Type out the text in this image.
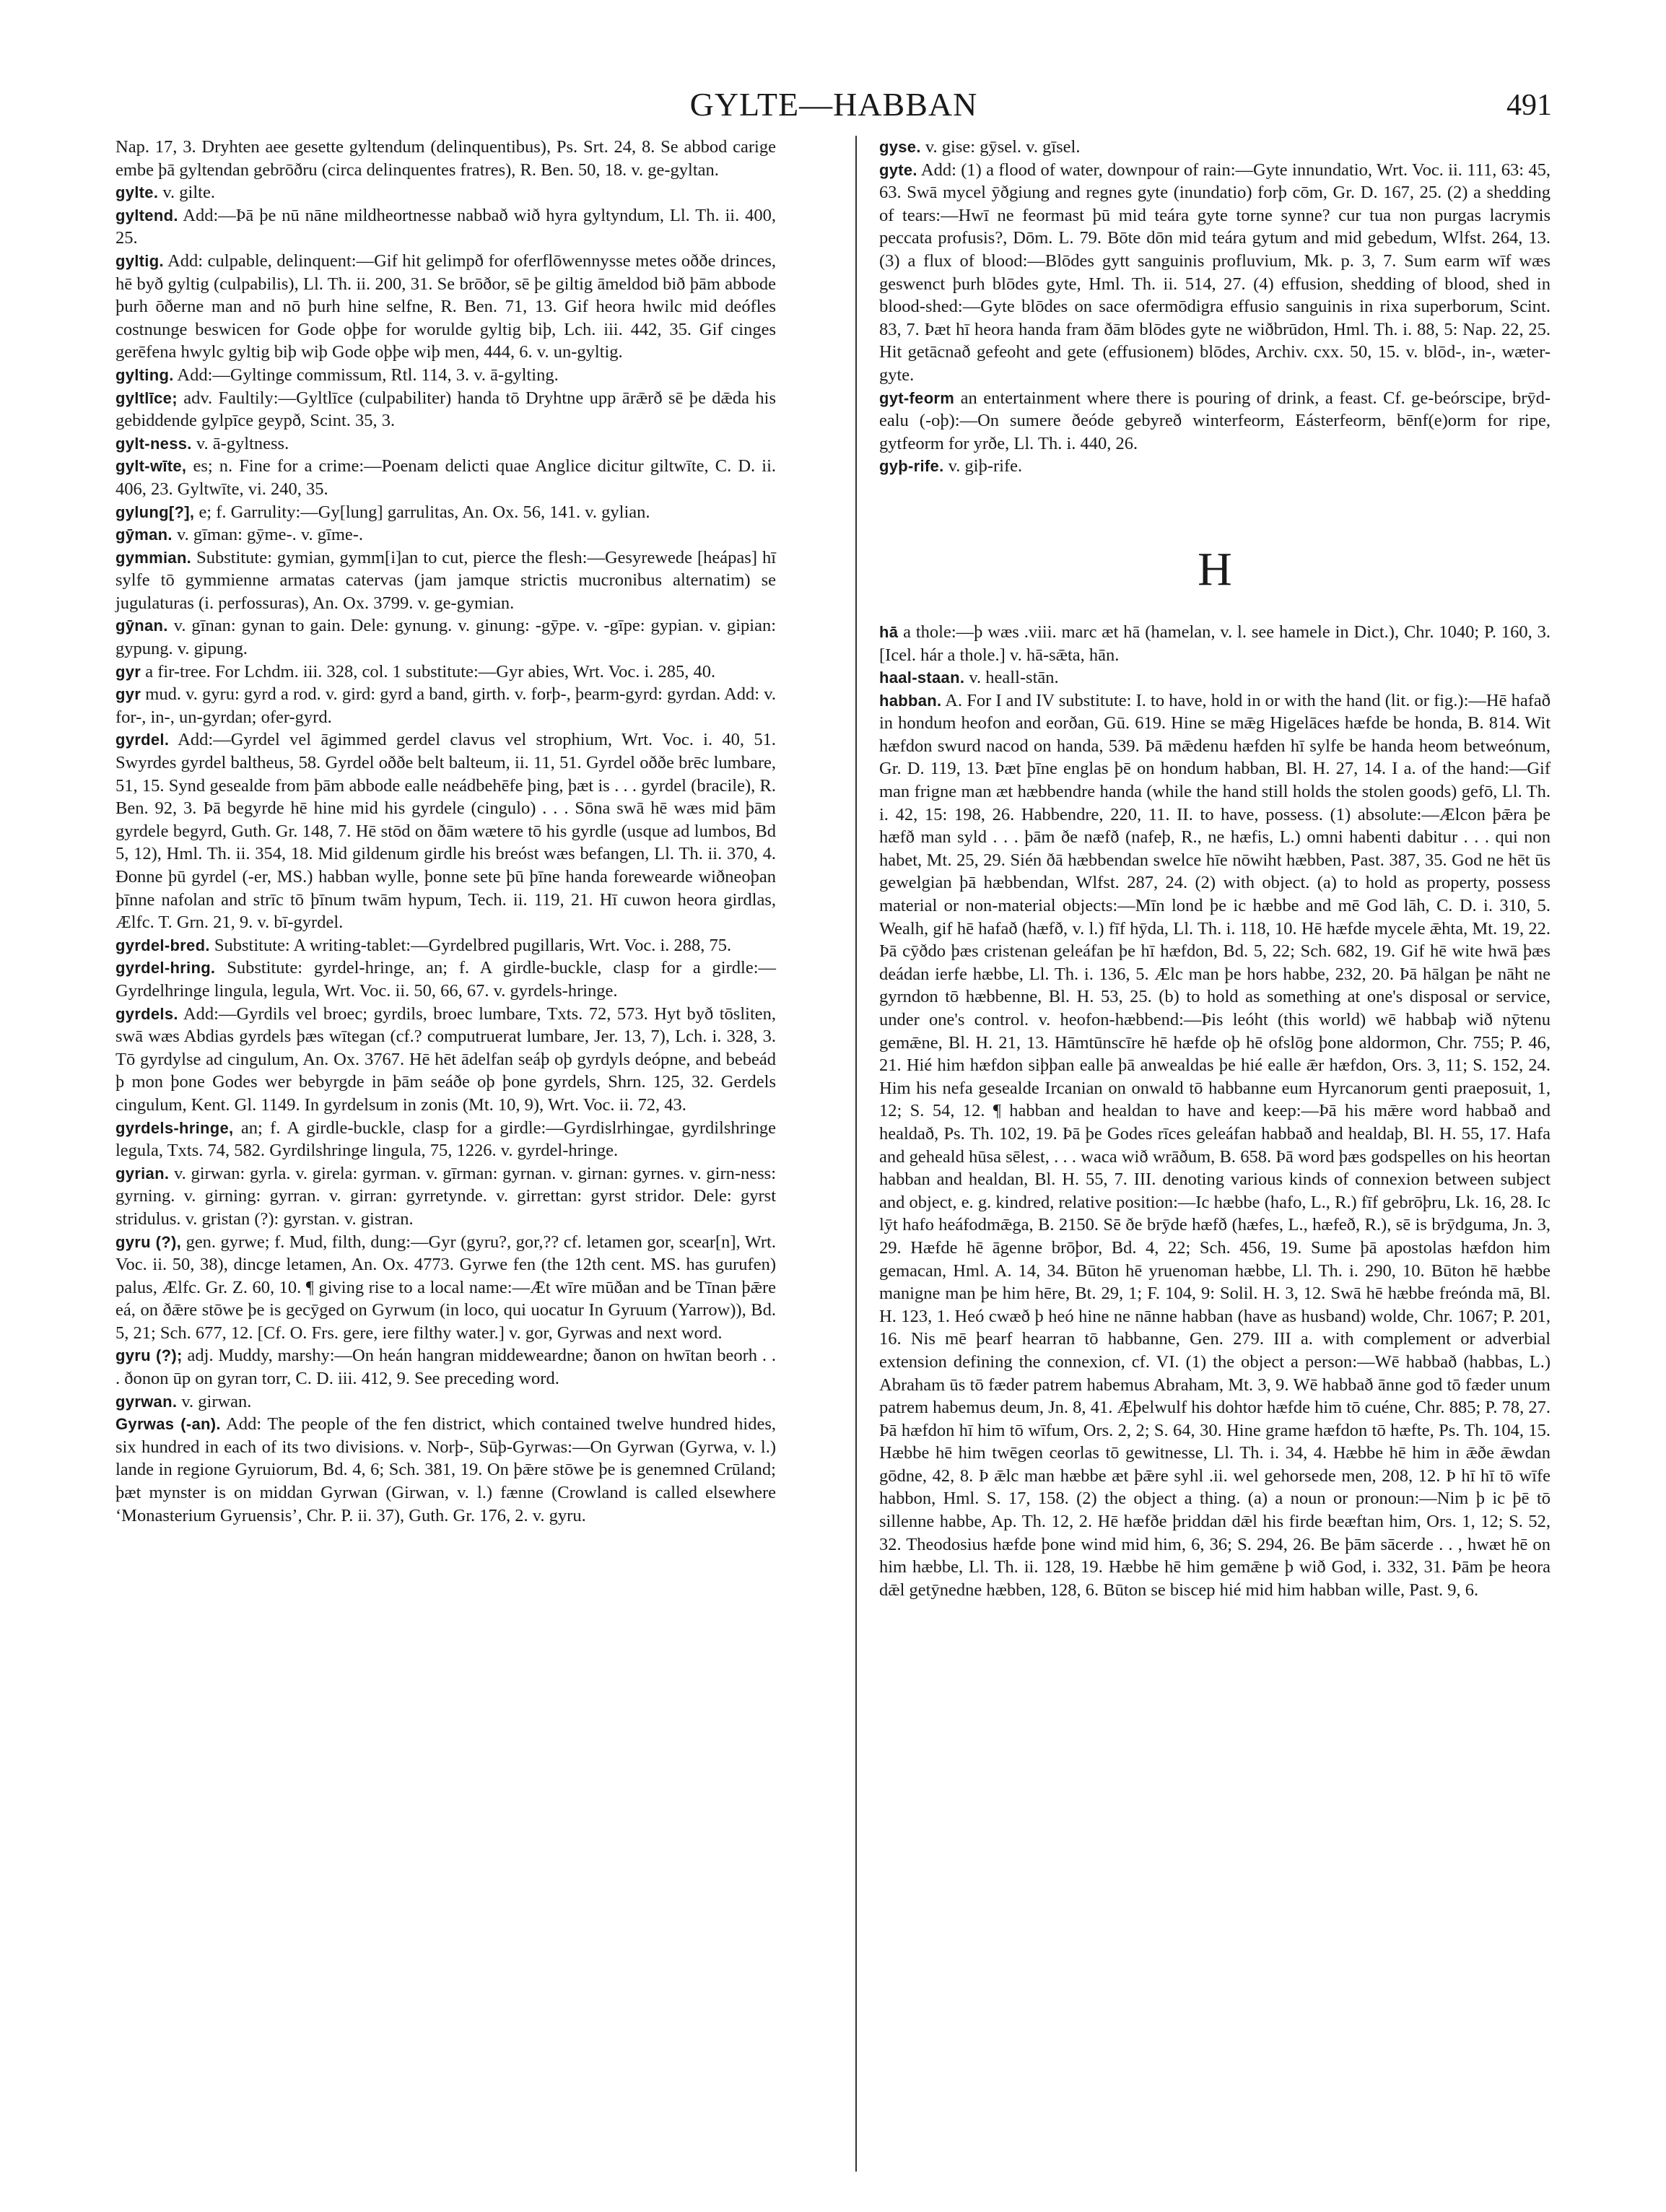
GYLTE—HABBAN	491

Nap. 17, 3. Dryhten aee gesette gyltendum (delinquentibus), Ps. Srt. 24, 8. Se abbod carige embe þā gyltendan gebrōðru (circa delinquentes fratres), R. Ben. 50, 18. v. ge-gyltan.

gylte. v. gilte.

gyltend. Add:—Þā þe nū nāne mildheortnesse nabbað wið hyra gyltyndum, Ll. Th. ii. 400, 25.

gyltig. Add: culpable, delinquent:—Gif hit gelimpð for oferflōwennysse metes oððe drinces, hē byð gyltig (culpabilis), Ll. Th. ii. 200, 31. Se brōðor, sē þe giltig āmeldod bið þām abbode þurh ōðerne man and nō þurh hine selfne, R. Ben. 71, 13. Gif heora hwilc mid deófles costnunge beswicen for Gode oþþe for worulde gyltig biþ, Lch. iii. 442, 35. Gif cinges gerēfena hwylc gyltig biþ wiþ Gode oþþe wiþ men, 444, 6. v. un-gyltig.

gylting. Add:—Gyltinge commissum, Rtl. 114, 3. v. ā-gylting.

gyltlīce; adv. Faultily:—Gyltlīce (culpabiliter) handa tō Dryhtne upp ārǣrð sē þe dǣda his gebiddende gylpīce geypð, Scint. 35, 3.

gylt-ness. v. ā-gyltness.

gylt-wīte, es; n. Fine for a crime:—Poenam delicti quae Anglice dicitur giltwīte, C. D. ii. 406, 23. Gyltwīte, vi. 240, 35.

gylung[?], e; f. Garrulity:—Gy[lung] garrulitas, An. Ox. 56, 141. v. gylian.

gȳman. v. gīman: gȳme-. v. gīme-.

gymmian. Substitute: gymian, gymm[i]an to cut, pierce the flesh:—Gesyrewede [heápas] hī sylfe tō gymmienne armatas catervas (jam jamque strictis mucronibus alternatim) se jugulaturas (i. perfossuras), An. Ox. 3799. v. ge-gymian.

gȳnan. v. gīnan: gynan to gain. Dele: gynung. v. ginung: -gȳpe. v. -gīpe: gypian. v. gipian: gypung. v. gipung.

gyr a fir-tree. For Lchdm. iii. 328, col. 1 substitute:—Gyr abies, Wrt. Voc. i. 285, 40.

gyr mud. v. gyru: gyrd a rod. v. gird: gyrd a band, girth. v. forþ-, þearm-gyrd: gyrdan. Add: v. for-, in-, un-gyrdan; ofer-gyrd.

gyrdel. Add:—Gyrdel vel āgimmed gerdel clavus vel strophium, Wrt. Voc. i. 40, 51. Swyrdes gyrdel baltheus, 58. Gyrdel oððe belt balteum, ii. 11, 51. Gyrdel oððe brēc lumbare, 51, 15. Synd gesealde from þām abbode ealle neádbehēfe þing, þæt is . . . gyrdel (bracile), R. Ben. 92, 3. Þā begyrde hē hine mid his gyrdele (cingulo) . . . Sōna swā hē wæs mid þām gyrdele begyrd, Guth. Gr. 148, 7. Hē stōd on ðām wætere tō his gyrdle (usque ad lumbos, Bd 5, 12), Hml. Th. ii. 354, 18. Mid gildenum girdle his breóst wæs befangen, Ll. Th. ii. 370, 4. Ðonne þū gyrdel (-er, MS.) habban wylle, þonne sete þū þīne handa forewearde wiðneoþan þīnne nafolan and strīc tō þīnum twām hypum, Tech. ii. 119, 21. Hī cuwon heora girdlas, Ælfc. T. Grn. 21, 9. v. bī-gyrdel.

gyrdel-bred. Substitute: A writing-tablet:—Gyrdelbred pugillaris, Wrt. Voc. i. 288, 75.

gyrdel-hring. Substitute: gyrdel-hringe, an; f. A girdle-buckle, clasp for a girdle:—Gyrdelhringe lingula, legula, Wrt. Voc. ii. 50, 66, 67. v. gyrdels-hringe.

gyrdels. Add:—Gyrdils vel broec; gyrdils, broec lumbare, Txts. 72, 573. Hyt byð tōsliten, swā wæs Abdias gyrdels þæs wītegan (cf.? computruerat lumbare, Jer. 13, 7), Lch. i. 328, 3. Tō gyrdylse ad cingulum, An. Ox. 3767. Hē hēt ādelfan seáþ oþ gyrdyls deópne, and bebeád þ mon þone Godes wer bebyrgde in þām seáðe oþ þone gyrdels, Shrn. 125, 32. Gerdels cingulum, Kent. Gl. 1149. In gyrdelsum in zonis (Mt. 10, 9), Wrt. Voc. ii. 72, 43.

gyrdels-hringe, an; f. A girdle-buckle, clasp for a girdle:—Gyrdislrhingae, gyrdilshringe legula, Txts. 74, 582. Gyrdilshringe lingula, 75, 1226. v. gyrdel-hringe.

gyrian. v. girwan: gyrla. v. girela: gyrman. v. gīrman: gyrnan. v. girnan: gyrnes. v. girn-ness: gyrning. v. girning: gyrran. v. girran: gyrretynde. v. girrettan: gyrst stridor. Dele: gyrst stridulus. v. gristan (?): gyrstan. v. gistran.

gyru (?), gen. gyrwe; f. Mud, filth, dung:—Gyr (gyru?, gor,?? cf. letamen gor, scear[n], Wrt. Voc. ii. 50, 38), dincge letamen, An. Ox. 4773. Gyrwe fen (the 12th cent. MS. has gurufen) palus, Ælfc. Gr. Z. 60, 10. ¶ giving rise to a local name:—Æt wīre mūðan and be Tīnan þǣre eá, on ðǣre stōwe þe is gecȳged on Gyrwum (in loco, qui uocatur In Gyruum (Yarrow)), Bd. 5, 21; Sch. 677, 12. [Cf. O. Frs. gere, iere filthy water.] v. gor, Gyrwas and next word.

gyru (?); adj. Muddy, marshy:—On heán hangran middeweardne; ðanon on hwītan beorh . . . ðonon ūp on gyran torr, C. D. iii. 412, 9. See preceding word.

gyrwan. v. girwan.

Gyrwas (-an). Add: The people of the fen district, which contained twelve hundred hides, six hundred in each of its two divisions. v. Norþ-, Sūþ-Gyrwas:—On Gyrwan (Gyrwa, v. l.) lande in regione Gyruiorum, Bd. 4, 6; Sch. 381, 19. On þǣre stōwe þe is genemned Crūland; þæt mynster is on middan Gyrwan (Girwan, v. l.) fænne (Crowland is called elsewhere ‘Monasterium Gyruensis’, Chr. P. ii. 37), Guth. Gr. 176, 2. v. gyru.

gyse. v. gise: gȳsel. v. gīsel.

gyte. Add: (1) a flood of water, downpour of rain:—Gyte innundatio, Wrt. Voc. ii. 111, 63: 45, 63. Swā mycel ȳðgiung and regnes gyte (inundatio) forþ cōm, Gr. D. 167, 25. (2) a shedding of tears:—Hwī ne feormast þū mid teára gyte torne synne? cur tua non purgas lacrymis peccata profusis?, Dōm. L. 79. Bōte dōn mid teára gytum and mid gebedum, Wlfst. 264, 13. (3) a flux of blood:—Blōdes gytt sanguinis profluvium, Mk. p. 3, 7. Sum earm wīf wæs geswenct þurh blōdes gyte, Hml. Th. ii. 514, 27. (4) effusion, shedding of blood, shed in blood-shed:—Gyte blōdes on sace ofermōdigra effusio sanguinis in rixa superborum, Scint. 83, 7. Þæt hī heora handa fram ðām blōdes gyte ne wiðbrūdon, Hml. Th. i. 88, 5: Nap. 22, 25. Hit getācnað gefeoht and gete (effusionem) blōdes, Archiv. cxx. 50, 15. v. blōd-, in-, wæter-gyte.

gyt-feorm an entertainment where there is pouring of drink, a feast. Cf. ge-beórscipe, brȳd-ealu (-oþ):—On sumere ðeóde gebyreð winterfeorm, Eásterfeorm, bēnf(e)orm for ripe, gytfeorm for yrðe, Ll. Th. i. 440, 26.

gyþ-rife. v. giþ-rife.

H

hā a thole:—þ wæs .viii. marc æt hā (hamelan, v. l. see hamele in Dict.), Chr. 1040; P. 160, 3. [Icel. hár a thole.] v. hā-sǣta, hān.

haal-staan. v. heall-stān.

habban. A. For I and IV substitute: I. to have, hold in or with the hand (lit. or fig.):—Hē hafað in hondum heofon and eorðan, Gū. 619. Hine se mǣg Higelāces hæfde be honda, B. 814. Wit hæfdon swurd nacod on handa, 539. Þā mǣdenu hæfden hī sylfe be handa heom betweónum, Gr. D. 119, 13. Þæt þīne englas þē on hondum habban, Bl. H. 27, 14. I a. of the hand:—Gif man frigne man æt hæbbendre handa (while the hand still holds the stolen goods) gefō, Ll. Th. i. 42, 15: 198, 26. Habbendre, 220, 11. II. to have, possess. (1) absolute:—Ælcon þǣra þe hæfð man syld . . . þām ðe næfð (nafeþ, R., ne hæfis, L.) omni habenti dabitur . . . qui non habet, Mt. 25, 29. Sién ðā hæbbendan swelce hīe nōwiht hæbben, Past. 387, 35. God ne hēt ūs gewelgian þā hæbbendan, Wlfst. 287, 24. (2) with object. (a) to hold as property, possess material or non-material objects:—Mīn lond þe ic hæbbe and mē God lāh, C. D. i. 310, 5. Wealh, gif hē hafað (hæfð, v. l.) fīf hȳda, Ll. Th. i. 118, 10. Hē hæfde mycele ǣhta, Mt. 19, 22. Þā cȳðdo þæs cristenan geleáfan þe hī hæfdon, Bd. 5, 22; Sch. 682, 19. Gif hē wite hwā þæs deádan ierfe hæbbe, Ll. Th. i. 136, 5. Ælc man þe hors habbe, 232, 20. Þā hālgan þe nāht ne gyrndon tō hæbbenne, Bl. H. 53, 25. (b) to hold as something at one's disposal or service, under one's control. v. heofon-hæbbend:—Þis leóht (this world) wē habbaþ wið nȳtenu gemǣne, Bl. H. 21, 13. Hāmtūnscīre hē hæfde oþ hē ofslōg þone aldormon, Chr. 755; P. 46, 21. Hié him hæfdon siþþan ealle þā anwealdas þe hié ealle ǣr hæfdon, Ors. 3, 11; S. 152, 24. Him his nefa gesealde Ircanian on onwald tō habbanne eum Hyrcanorum genti praeposuit, 1, 12; S. 54, 12. ¶ habban and healdan to have and keep:—Þā his mǣre word habbað and healdað, Ps. Th. 102, 19. Þā þe Godes rīces geleáfan habbað and healdaþ, Bl. H. 55, 17. Hafa and geheald hūsa sēlest, . . . waca wið wrāðum, B. 658. Þā word þæs godspelles on his heortan habban and healdan, Bl. H. 55, 7. III. denoting various kinds of connexion between subject and object, e. g. kindred, relative position:—Ic hæbbe (hafo, L., R.) fīf gebrōþru, Lk. 16, 28. Ic lȳt hafo heáfodmǣga, B. 2150. Sē ðe brȳde hæfð (hæfes, L., hæfeð, R.), sē is brȳdguma, Jn. 3, 29. Hæfde hē āgenne brōþor, Bd. 4, 22; Sch. 456, 19. Sume þā apostolas hæfdon him gemacan, Hml. A. 14, 34. Būton hē yruenoman hæbbe, Ll. Th. i. 290, 10. Būton hē hæbbe manigne man þe him hēre, Bt. 29, 1; F. 104, 9: Solil. H. 3, 12. Swā hē hæbbe freónda mā, Bl. H. 123, 1. Heó cwæð þ heó hine ne nānne habban (have as husband) wolde, Chr. 1067; P. 201, 16. Nis mē þearf hearran tō habbanne, Gen. 279. III a. with complement or adverbial extension defining the connexion, cf. VI. (1) the object a person:—Wē habbað (habbas, L.) Abraham ūs tō fæder patrem habemus Abraham, Mt. 3, 9. Wē habbað ānne god tō fæder unum patrem habemus deum, Jn. 8, 41. Æþelwulf his dohtor hæfde him tō cuéne, Chr. 885; P. 78, 27. Þā hæfdon hī him tō wīfum, Ors. 2, 2; S. 64, 30. Hine grame hæfdon tō hæfte, Ps. Th. 104, 15. Hæbbe hē him twēgen ceorlas tō gewitnesse, Ll. Th. i. 34, 4. Hæbbe hē him in ǣðe ǣwdan gōdne, 42, 8. Þ ǣlc man hæbbe æt þǣre syhl .ii. wel gehorsede men, 208, 12. Þ hī hī tō wīfe habbon, Hml. S. 17, 158. (2) the object a thing. (a) a noun or pronoun:—Nim þ ic þē tō sillenne habbe, Ap. Th. 12, 2. Hē hæfðe þriddan dǣl his firde beæftan him, Ors. 1, 12; S. 52, 32. Theodosius hæfde þone wind mid him, 6, 36; S. 294, 26. Be þām sācerde . . , hwæt hē on him hæbbe, Ll. Th. ii. 128, 19. Hæbbe hē him gemǣne þ wið God, i. 332, 31. Þām þe heora dǣl getȳnedne hæbben, 128, 6. Būton se biscep hié mid him habban wille, Past. 9, 6.
